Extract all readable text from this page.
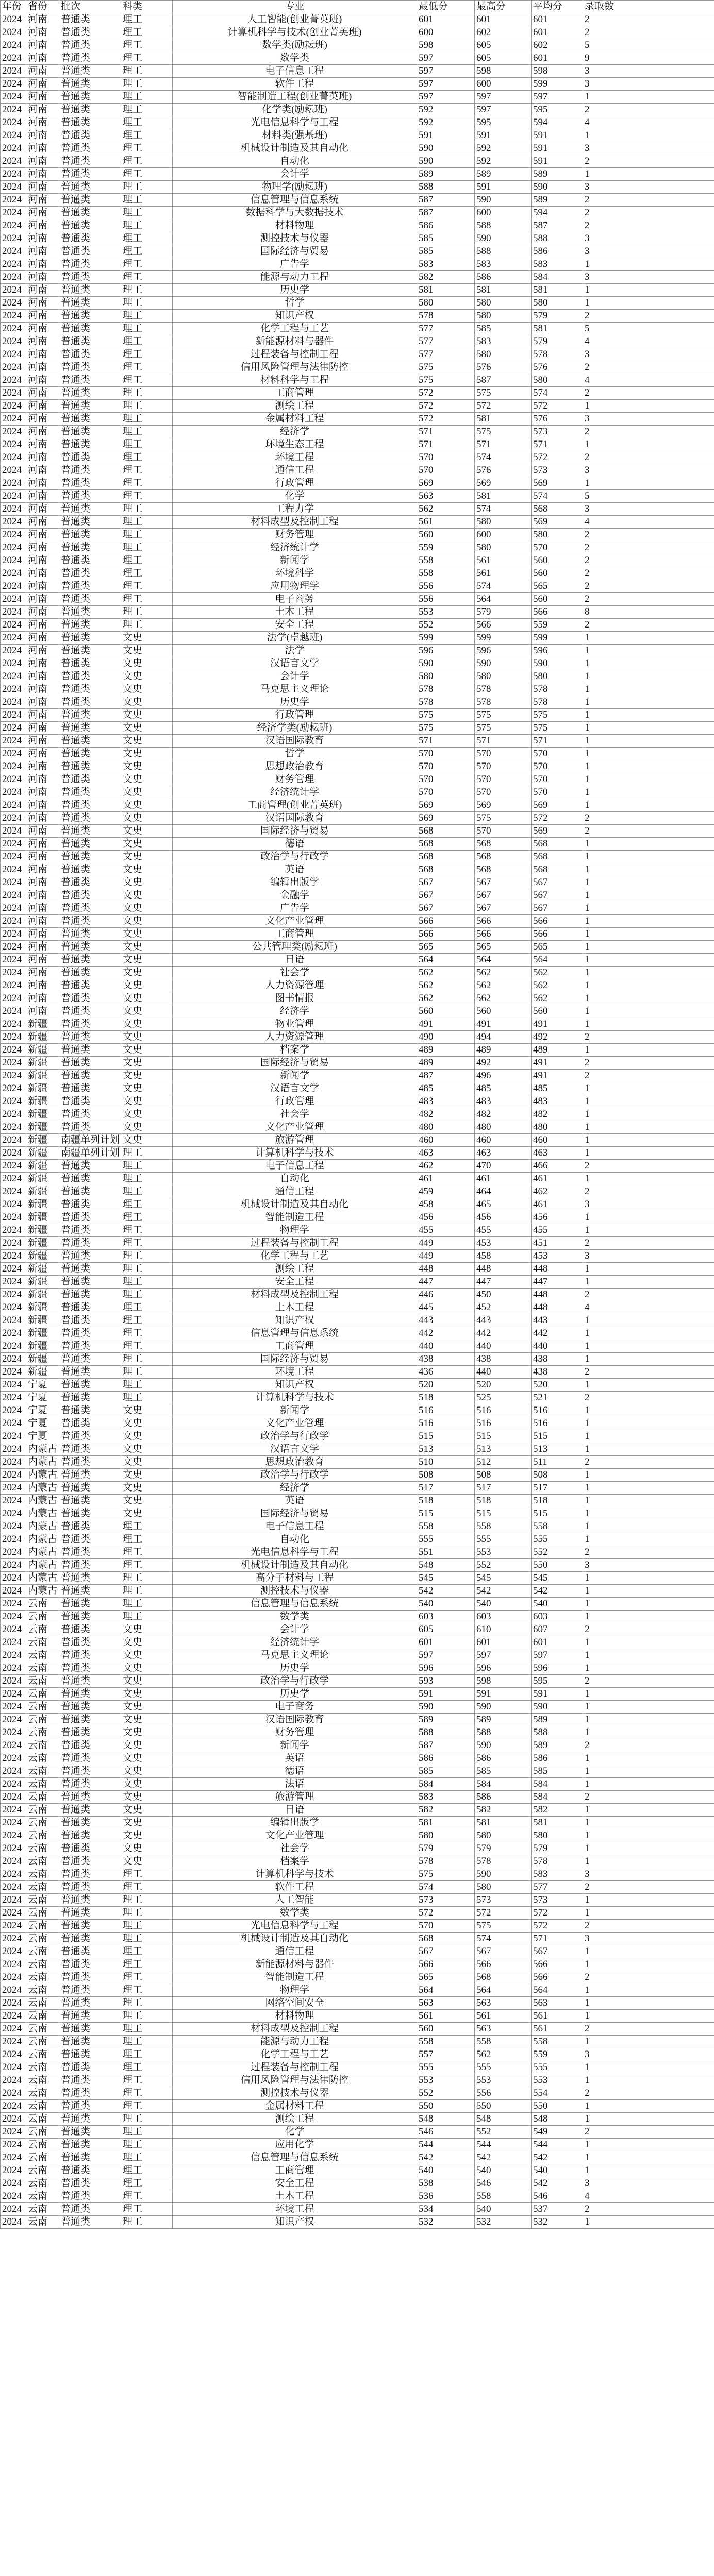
年份	省份	批次	科类	专业	最低分	最高分	平均分	录取数
2024	河南	普通类	理工	人工智能(创业菁英班)	601	601	601	2
2024	河南	普通类	理工	计算机科学与技术(创业菁英班)	600	602	601	2
2024	河南	普通类	理工	数学类(励耘班)	598	605	602	5
2024	河南	普通类	理工	数学类	597	605	601	9
2024	河南	普通类	理工	电子信息工程	597	598	598	3
2024	河南	普通类	理工	软件工程	597	600	599	3
2024	河南	普通类	理工	智能制造工程(创业菁英班)	597	597	597	1
2024	河南	普通类	理工	化学类(励耘班)	592	597	595	2
2024	河南	普通类	理工	光电信息科学与工程	592	595	594	4
2024	河南	普通类	理工	材料类(强基班)	591	591	591	1
2024	河南	普通类	理工	机械设计制造及其自动化	590	592	591	3
2024	河南	普通类	理工	自动化	590	592	591	2
2024	河南	普通类	理工	会计学	589	589	589	1
2024	河南	普通类	理工	物理学(励耘班)	588	591	590	3
2024	河南	普通类	理工	信息管理与信息系统	587	590	589	2
2024	河南	普通类	理工	数据科学与大数据技术	587	600	594	2
2024	河南	普通类	理工	材料物理	586	588	587	2
2024	河南	普通类	理工	测控技术与仪器	585	590	588	3
2024	河南	普通类	理工	国际经济与贸易	585	588	586	3
2024	河南	普通类	理工	广告学	583	583	583	1
2024	河南	普通类	理工	能源与动力工程	582	586	584	3
2024	河南	普通类	理工	历史学	581	581	581	1
2024	河南	普通类	理工	哲学	580	580	580	1
2024	河南	普通类	理工	知识产权	578	580	579	2
2024	河南	普通类	理工	化学工程与工艺	577	585	581	5
2024	河南	普通类	理工	新能源材料与器件	577	583	579	4
2024	河南	普通类	理工	过程装备与控制工程	577	580	578	3
2024	河南	普通类	理工	信用风险管理与法律防控	575	576	576	2
2024	河南	普通类	理工	材料科学与工程	575	587	580	4
2024	河南	普通类	理工	工商管理	572	575	574	2
2024	河南	普通类	理工	测绘工程	572	572	572	1
2024	河南	普通类	理工	金属材料工程	572	581	576	3
2024	河南	普通类	理工	经济学	571	575	573	2
2024	河南	普通类	理工	环境生态工程	571	571	571	1
2024	河南	普通类	理工	环境工程	570	574	572	2
2024	河南	普通类	理工	通信工程	570	576	573	3
2024	河南	普通类	理工	行政管理	569	569	569	1
2024	河南	普通类	理工	化学	563	581	574	5
2024	河南	普通类	理工	工程力学	562	574	568	3
2024	河南	普通类	理工	材料成型及控制工程	561	580	569	4
2024	河南	普通类	理工	财务管理	560	600	580	2
2024	河南	普通类	理工	经济统计学	559	580	570	2
2024	河南	普通类	理工	新闻学	558	561	560	2
2024	河南	普通类	理工	环境科学	558	561	560	2
2024	河南	普通类	理工	应用物理学	556	574	565	2
2024	河南	普通类	理工	电子商务	556	564	560	2
2024	河南	普通类	理工	土木工程	553	579	566	8
2024	河南	普通类	理工	安全工程	552	566	559	2
2024	河南	普通类	文史	法学(卓越班)	599	599	599	1
2024	河南	普通类	文史	法学	596	596	596	1
2024	河南	普通类	文史	汉语言文学	590	590	590	1
2024	河南	普通类	文史	会计学	580	580	580	1
2024	河南	普通类	文史	马克思主义理论	578	578	578	1
2024	河南	普通类	文史	历史学	578	578	578	1
2024	河南	普通类	文史	行政管理	575	575	575	1
2024	河南	普通类	文史	经济学类(励耘班)	575	575	575	1
2024	河南	普通类	文史	汉语国际教育	571	571	571	1
2024	河南	普通类	文史	哲学	570	570	570	1
2024	河南	普通类	文史	思想政治教育	570	570	570	1
2024	河南	普通类	文史	财务管理	570	570	570	1
2024	河南	普通类	文史	经济统计学	570	570	570	1
2024	河南	普通类	文史	工商管理(创业菁英班)	569	569	569	1
2024	河南	普通类	文史	汉语国际教育	569	575	572	2
2024	河南	普通类	文史	国际经济与贸易	568	570	569	2
2024	河南	普通类	文史	德语	568	568	568	1
2024	河南	普通类	文史	政治学与行政学	568	568	568	1
2024	河南	普通类	文史	英语	568	568	568	1
2024	河南	普通类	文史	编辑出版学	567	567	567	1
2024	河南	普通类	文史	金融学	567	567	567	1
2024	河南	普通类	文史	广告学	567	567	567	1
2024	河南	普通类	文史	文化产业管理	566	566	566	1
2024	河南	普通类	文史	工商管理	566	566	566	1
2024	河南	普通类	文史	公共管理类(励耘班)	565	565	565	1
2024	河南	普通类	文史	日语	564	564	564	1
2024	河南	普通类	文史	社会学	562	562	562	1
2024	河南	普通类	文史	人力资源管理	562	562	562	1
2024	河南	普通类	文史	图书情报	562	562	562	1
2024	河南	普通类	文史	经济学	560	560	560	1
2024	新疆	普通类	文史	物业管理	491	491	491	1
2024	新疆	普通类	文史	人力资源管理	490	494	492	2
2024	新疆	普通类	文史	档案学	489	489	489	1
2024	新疆	普通类	文史	国际经济与贸易	489	492	491	2
2024	新疆	普通类	文史	新闻学	487	496	491	2
2024	新疆	普通类	文史	汉语言文学	485	485	485	1
2024	新疆	普通类	文史	行政管理	483	483	483	1
2024	新疆	普通类	文史	社会学	482	482	482	1
2024	新疆	普通类	文史	文化产业管理	480	480	480	1
2024	新疆	南疆单列计划	文史	旅游管理	460	460	460	1
2024	新疆	南疆单列计划	理工	计算机科学与技术	463	463	463	1
2024	新疆	普通类	理工	电子信息工程	462	470	466	2
2024	新疆	普通类	理工	自动化	461	461	461	1
2024	新疆	普通类	理工	通信工程	459	464	462	2
2024	新疆	普通类	理工	机械设计制造及其自动化	458	465	461	3
2024	新疆	普通类	理工	智能制造工程	456	456	456	1
2024	新疆	普通类	理工	物理学	455	455	455	1
2024	新疆	普通类	理工	过程装备与控制工程	449	453	451	2
2024	新疆	普通类	理工	化学工程与工艺	449	458	453	3
2024	新疆	普通类	理工	测绘工程	448	448	448	1
2024	新疆	普通类	理工	安全工程	447	447	447	1
2024	新疆	普通类	理工	材料成型及控制工程	446	450	448	2
2024	新疆	普通类	理工	土木工程	445	452	448	4
2024	新疆	普通类	理工	知识产权	443	443	443	1
2024	新疆	普通类	理工	信息管理与信息系统	442	442	442	1
2024	新疆	普通类	理工	工商管理	440	440	440	1
2024	新疆	普通类	理工	国际经济与贸易	438	438	438	1
2024	新疆	普通类	理工	环境工程	436	440	438	2
2024	宁夏	普通类	理工	知识产权	520	520	520	1
2024	宁夏	普通类	理工	计算机科学与技术	518	525	521	2
2024	宁夏	普通类	文史	新闻学	516	516	516	1
2024	宁夏	普通类	文史	文化产业管理	516	516	516	1
2024	宁夏	普通类	文史	政治学与行政学	515	515	515	1
2024	内蒙古	普通类	文史	汉语言文学	513	513	513	1
2024	内蒙古	普通类	文史	思想政治教育	510	512	511	2
2024	内蒙古	普通类	文史	政治学与行政学	508	508	508	1
2024	内蒙古	普通类	文史	经济学	517	517	517	1
2024	内蒙古	普通类	文史	英语	518	518	518	1
2024	内蒙古	普通类	文史	国际经济与贸易	515	515	515	1
2024	内蒙古	普通类	理工	电子信息工程	558	558	558	1
2024	内蒙古	普通类	理工	自动化	555	555	555	1
2024	内蒙古	普通类	理工	光电信息科学与工程	551	553	552	2
2024	内蒙古	普通类	理工	机械设计制造及其自动化	548	552	550	3
2024	内蒙古	普通类	理工	高分子材料与工程	545	545	545	1
2024	内蒙古	普通类	理工	测控技术与仪器	542	542	542	1
2024	云南	普通类	理工	信息管理与信息系统	540	540	540	1
2024	云南	普通类	理工	数学类	603	603	603	1
2024	云南	普通类	文史	会计学	605	610	607	2
2024	云南	普通类	文史	经济统计学	601	601	601	1
2024	云南	普通类	文史	马克思主义理论	597	597	597	1
2024	云南	普通类	文史	历史学	596	596	596	1
2024	云南	普通类	文史	政治学与行政学	593	598	595	2
2024	云南	普通类	文史	历史学	591	591	591	1
2024	云南	普通类	文史	电子商务	590	590	590	1
2024	云南	普通类	文史	汉语国际教育	589	589	589	1
2024	云南	普通类	文史	财务管理	588	588	588	1
2024	云南	普通类	文史	新闻学	587	590	589	2
2024	云南	普通类	文史	英语	586	586	586	1
2024	云南	普通类	文史	德语	585	585	585	1
2024	云南	普通类	文史	法语	584	584	584	1
2024	云南	普通类	文史	旅游管理	583	586	584	2
2024	云南	普通类	文史	日语	582	582	582	1
2024	云南	普通类	文史	编辑出版学	581	581	581	1
2024	云南	普通类	文史	文化产业管理	580	580	580	1
2024	云南	普通类	文史	社会学	579	579	579	1
2024	云南	普通类	文史	档案学	578	578	578	1
2024	云南	普通类	理工	计算机科学与技术	575	590	583	3
2024	云南	普通类	理工	软件工程	574	580	577	2
2024	云南	普通类	理工	人工智能	573	573	573	1
2024	云南	普通类	理工	数学类	572	572	572	1
2024	云南	普通类	理工	光电信息科学与工程	570	575	572	2
2024	云南	普通类	理工	机械设计制造及其自动化	568	574	571	3
2024	云南	普通类	理工	通信工程	567	567	567	1
2024	云南	普通类	理工	新能源材料与器件	566	566	566	1
2024	云南	普通类	理工	智能制造工程	565	568	566	2
2024	云南	普通类	理工	物理学	564	564	564	1
2024	云南	普通类	理工	网络空间安全	563	563	563	1
2024	云南	普通类	理工	材料物理	561	561	561	1
2024	云南	普通类	理工	材料成型及控制工程	560	563	561	2
2024	云南	普通类	理工	能源与动力工程	558	558	558	1
2024	云南	普通类	理工	化学工程与工艺	557	562	559	3
2024	云南	普通类	理工	过程装备与控制工程	555	555	555	1
2024	云南	普通类	理工	信用风险管理与法律防控	553	553	553	1
2024	云南	普通类	理工	测控技术与仪器	552	556	554	2
2024	云南	普通类	理工	金属材料工程	550	550	550	1
2024	云南	普通类	理工	测绘工程	548	548	548	1
2024	云南	普通类	理工	化学	546	552	549	2
2024	云南	普通类	理工	应用化学	544	544	544	1
2024	云南	普通类	理工	信息管理与信息系统	542	542	542	1
2024	云南	普通类	理工	工商管理	540	540	540	1
2024	云南	普通类	理工	安全工程	538	546	542	3
2024	云南	普通类	理工	土木工程	536	558	546	4
2024	云南	普通类	理工	环境工程	534	540	537	2
2024	云南	普通类	理工	知识产权	532	532	532	1
